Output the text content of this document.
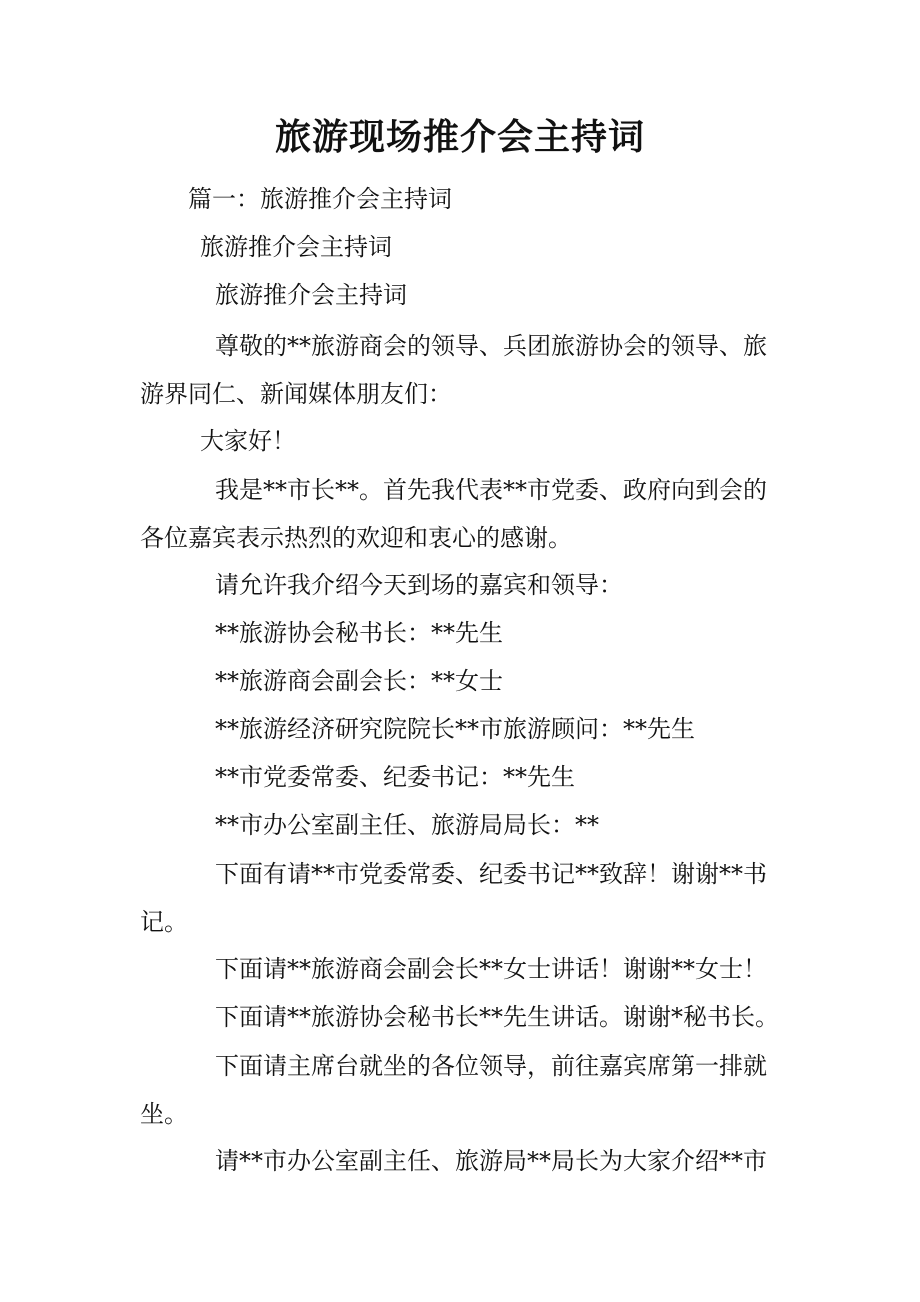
旅游现场推介会主持词
篇一：旅游推介会主持词
旅游推介会主持词
旅游推介会主持词
尊敬的**旅游商会的领导、兵团旅游协会的领导、旅游界同仁、新闻媒体朋友们：
大家好！
我是**市长**。首先我代表**市党委、政府向到会的各位嘉宾表示热烈的欢迎和衷心的感谢。
请允许我介绍今天到场的嘉宾和领导：
**旅游协会秘书长：**先生
**旅游商会副会长：**女士
**旅游经济研究院院长**市旅游顾问：**先生
**市党委常委、纪委书记：**先生
**市办公室副主任、旅游局局长：**
下面有请**市党委常委、纪委书记**致辞！谢谢**书记。
下面请**旅游商会副会长**女士讲话！谢谢**女士！
下面请**旅游协会秘书长**先生讲话。谢谢*秘书长。
下面请主席台就坐的各位领导，前往嘉宾席第一排就坐。
请**市办公室副主任、旅游局**局长为大家介绍**市
